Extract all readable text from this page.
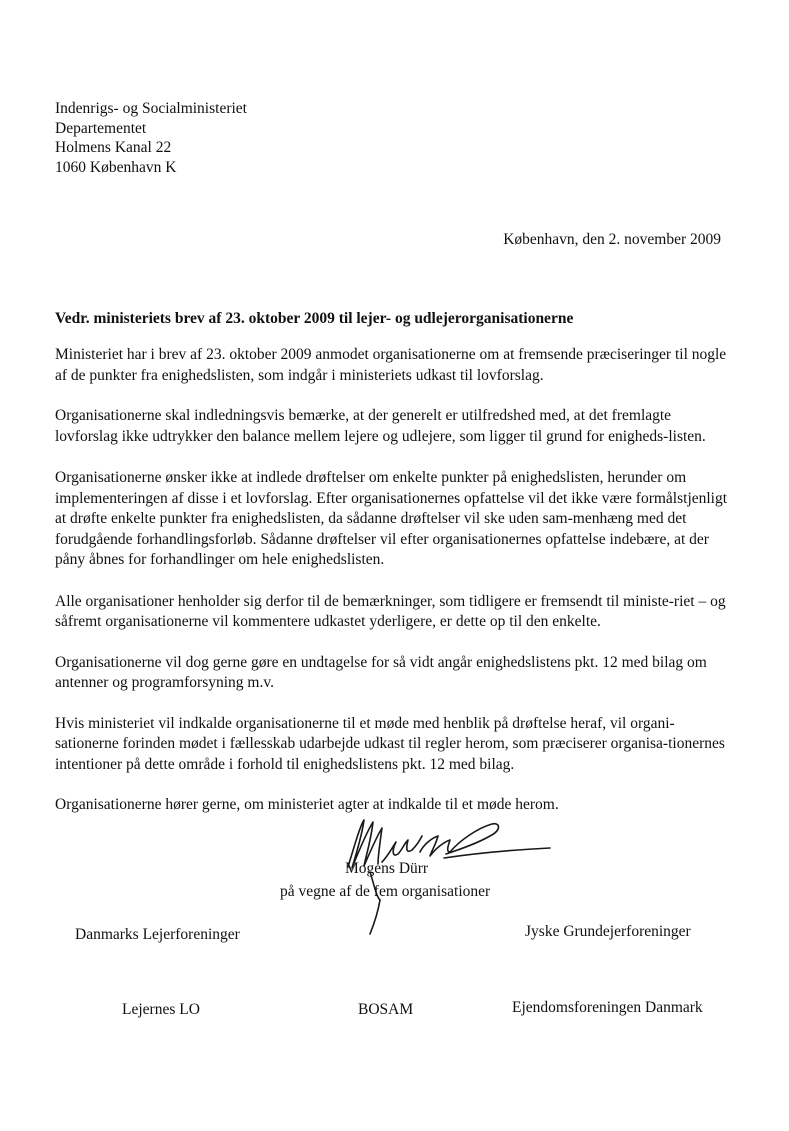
Indenrigs- og Socialministeriet
Departementet
Holmens Kanal 22
1060 København K
København, den 2. november 2009
Vedr. ministeriets brev af 23. oktober 2009 til lejer- og udlejerorganisationerne

Ministeriet har i brev af 23. oktober 2009 anmodet organisationerne om at fremsende præciseringer til nogle af de punkter fra enighedslisten, som indgår i ministeriets udkast til lovforslag.

Organisationerne skal indledningsvis bemærke, at der generelt er utilfredshed med, at det fremlagte lovforslag ikke udtrykker den balance mellem lejere og udlejere, som ligger til grund for enigheds-listen.

Organisationerne ønsker ikke at indlede drøftelser om enkelte punkter på enighedslisten, herunder om implementeringen af disse i et lovforslag. Efter organisationernes opfattelse vil det ikke være formålstjenligt at drøfte enkelte punkter fra enighedslisten, da sådanne drøftelser vil ske uden sam-menhæng med det forudgående forhandlingsforløb. Sådanne drøftelser vil efter organisationernes opfattelse indebære, at der påny åbnes for forhandlinger om hele enighedslisten.

Alle organisationer henholder sig derfor til de bemærkninger, som tidligere er fremsendt til ministe-riet – og såfremt organisationerne vil kommentere udkastet yderligere, er dette op til den enkelte.

Organisationerne vil dog gerne gøre en undtagelse for så vidt angår enighedslistens pkt. 12 med bilag om antenner og programforsyning m.v.

Hvis ministeriet vil indkalde organisationerne til et møde med henblik på drøftelse heraf, vil organi-sationerne forinden mødet i fællesskab udarbejde udkast til regler herom, som præciserer organisa-tionernes intentioner på dette område i forhold til enighedslistens pkt. 12 med bilag.

Organisationerne hører gerne, om ministeriet agter at indkalde til et møde herom.

Mogens Dürr
på vegne af de fem organisationer
Danmarks Lejerforeninger	Jyske Grundejerforeninger
Lejernes LO	BOSAM	Ejendomsforeningen Danmark
